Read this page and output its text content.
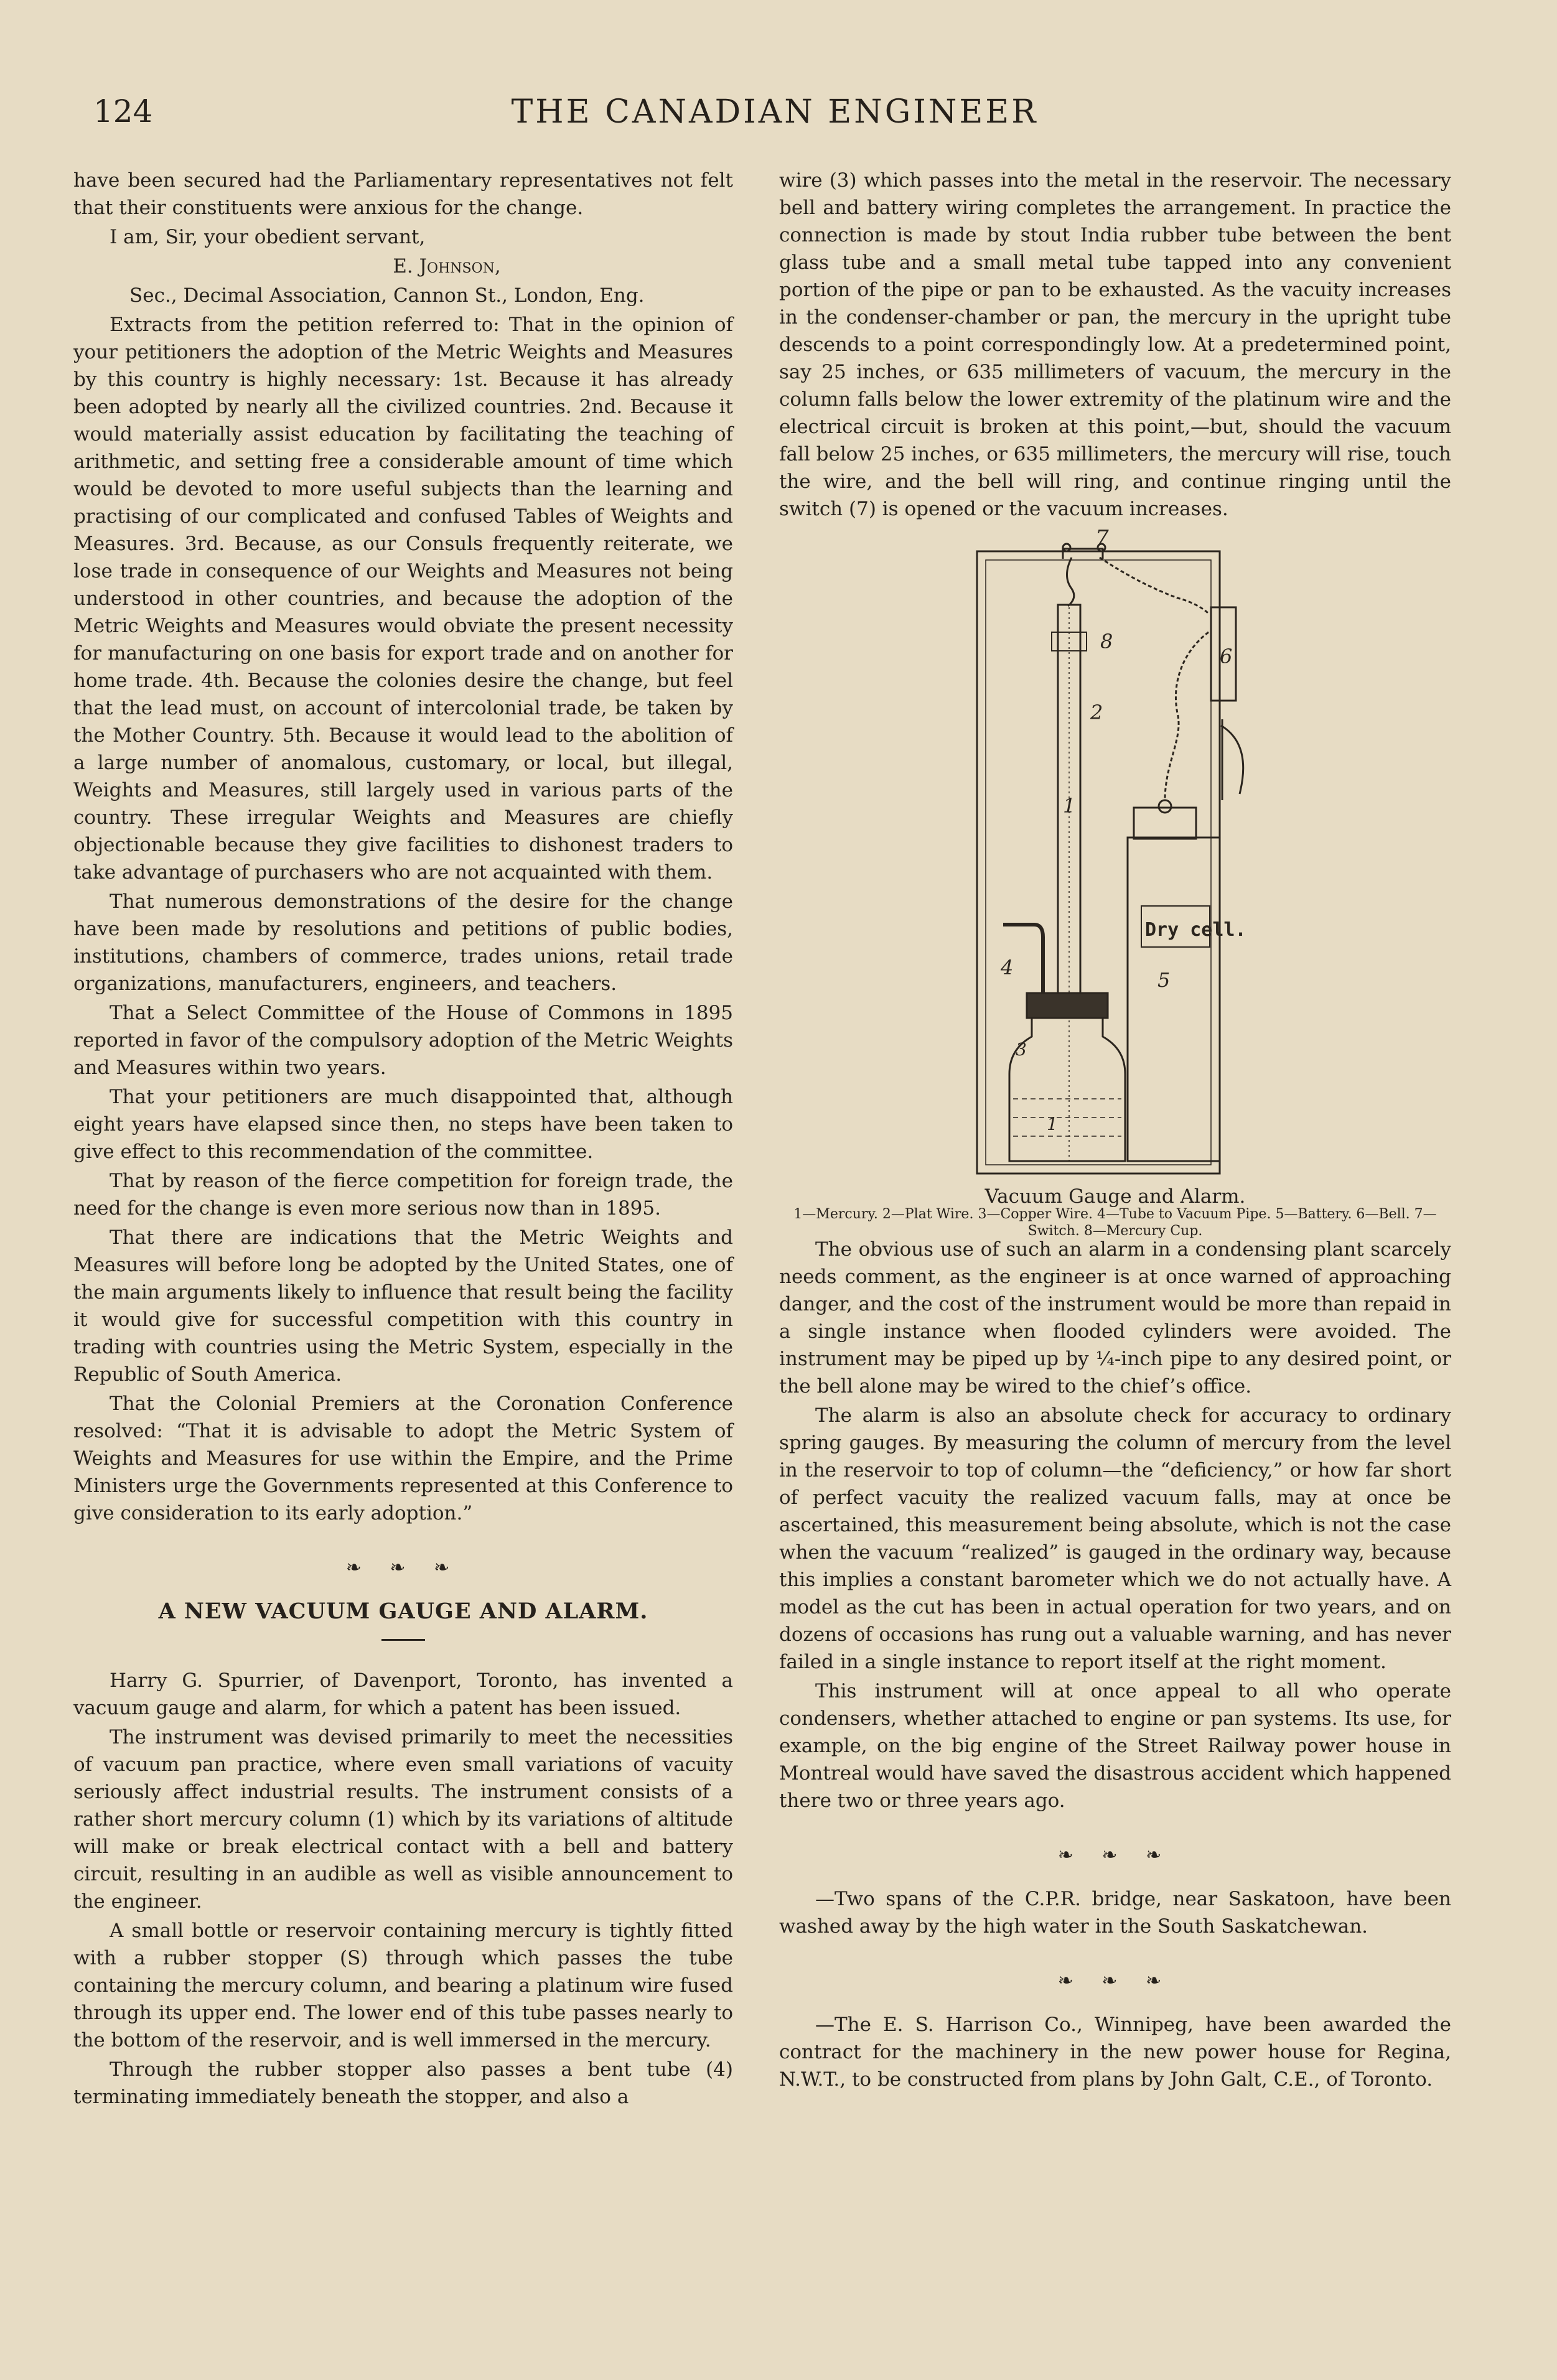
124	THE CANADIAN ENGINEER

have been secured had the Parliamentary representatives not felt that their constituents were anxious for the change.

I am, Sir, your obedient servant,

E. Johnson,

Sec., Decimal Association, Cannon St., London, Eng.

Extracts from the petition referred to: That in the opinion of your petitioners the adoption of the Metric Weights and Measures by this country is highly necessary: 1st. Because it has already been adopted by nearly all the civilized countries. 2nd. Because it would materially assist education by facilitating the teaching of arithmetic, and setting free a considerable amount of time which would be devoted to more useful subjects than the learning and practising of our complicated and confused Tables of Weights and Measures. 3rd. Because, as our Consuls frequently reiterate, we lose trade in consequence of our Weights and Measures not being understood in other countries, and because the adoption of the Metric Weights and Measures would obviate the present necessity for manufacturing on one basis for export trade and on another for home trade. 4th. Because the colonies desire the change, but feel that the lead must, on account of intercolonial trade, be taken by the Mother Country. 5th. Because it would lead to the abolition of a large number of anomalous, customary, or local, but illegal, Weights and Measures, still largely used in various parts of the country. These irregular Weights and Measures are chiefly objectionable because they give facilities to dishonest traders to take advantage of purchasers who are not acquainted with them.

That numerous demonstrations of the desire for the change have been made by resolutions and petitions of public bodies, institutions, chambers of commerce, trades unions, retail trade organizations, manufacturers, engineers, and teachers.

That a Select Committee of the House of Commons in 1895 reported in favor of the compulsory adoption of the Metric Weights and Measures within two years.

That your petitioners are much disappointed that, although eight years have elapsed since then, no steps have been taken to give effect to this recommendation of the committee.

That by reason of the fierce competition for foreign trade, the need for the change is even more serious now than in 1895.

That there are indications that the Metric Weights and Measures will before long be adopted by the United States, one of the main arguments likely to influence that result being the facility it would give for successful competition with this country in trading with countries using the Metric System, especially in the Republic of South America.

That the Colonial Premiers at the Coronation Conference resolved: “That it is advisable to adopt the Metric System of Weights and Measures for use within the Empire, and the Prime Ministers urge the Governments represented at this Conference to give consideration to its early adoption.”

❧ ❧ ❧
A NEW VACUUM GAUGE AND ALARM.

Harry G. Spurrier, of Davenport, Toronto, has invented a vacuum gauge and alarm, for which a patent has been issued.

The instrument was devised primarily to meet the necessities of vacuum pan practice, where even small variations of vacuity seriously affect industrial results. The instrument consists of a rather short mercury column (1) which by its variations of altitude will make or break electrical contact with a bell and battery circuit, resulting in an audible as well as visible announcement to the engineer.

A small bottle or reservoir containing mercury is tightly fitted with a rubber stopper (S) through which passes the tube containing the mercury column, and bearing a platinum wire fused through its upper end. The lower end of this tube passes nearly to the bottom of the reservoir, and is well immersed in the mercury.

Through the rubber stopper also passes a bent tube (4) terminating immediately beneath the stopper, and also a

wire (3) which passes into the metal in the reservoir. The necessary bell and battery wiring completes the arrangement. In practice the connection is made by stout India rubber tube between the bent glass tube and a small metal tube tapped into any convenient portion of the pipe or pan to be exhausted. As the vacuity increases in the condenser-chamber or pan, the mercury in the upright tube descends to a point correspondingly low. At a predetermined point, say 25 inches, or 635 millimeters of vacuum, the mercury in the column falls below the lower extremity of the platinum wire and the electrical circuit is broken at this point,—but, should the vacuum fall below 25 inches, or 635 millimeters, the mercury will rise, touch the wire, and the bell will ring, and continue ringing until the switch (7) is opened or the vacuum increases.

7
8
6
2
1
4
5
3
1
Dry cell.
Vacuum Gauge and Alarm.
1—Mercury. 2—Plat Wire. 3—Copper Wire. 4—Tube to Vacuum Pipe. 5—Battery. 6—Bell. 7—Switch. 8—Mercury Cup.

The obvious use of such an alarm in a condensing plant scarcely needs comment, as the engineer is at once warned of approaching danger, and the cost of the instrument would be more than repaid in a single instance when flooded cylinders were avoided. The instrument may be piped up by ¼-inch pipe to any desired point, or the bell alone may be wired to the chief’s office.

The alarm is also an absolute check for accuracy to ordinary spring gauges. By measuring the column of mercury from the level in the reservoir to top of column—the “deficiency,” or how far short of perfect vacuity the realized vacuum falls, may at once be ascertained, this measurement being absolute, which is not the case when the vacuum “realized” is gauged in the ordinary way, because this implies a constant barometer which we do not actually have. A model as the cut has been in actual operation for two years, and on dozens of occasions has rung out a valuable warning, and has never failed in a single instance to report itself at the right moment.

This instrument will at once appeal to all who operate condensers, whether attached to engine or pan systems. Its use, for example, on the big engine of the Street Railway power house in Montreal would have saved the disastrous accident which happened there two or three years ago.

❧ ❧ ❧

—Two spans of the C.P.R. bridge, near Saskatoon, have been washed away by the high water in the South Saskatchewan.

❧ ❧ ❧

—The E. S. Harrison Co., Winnipeg, have been awarded the contract for the machinery in the new power house for Regina, N.W.T., to be constructed from plans by John Galt, C.E., of Toronto.
